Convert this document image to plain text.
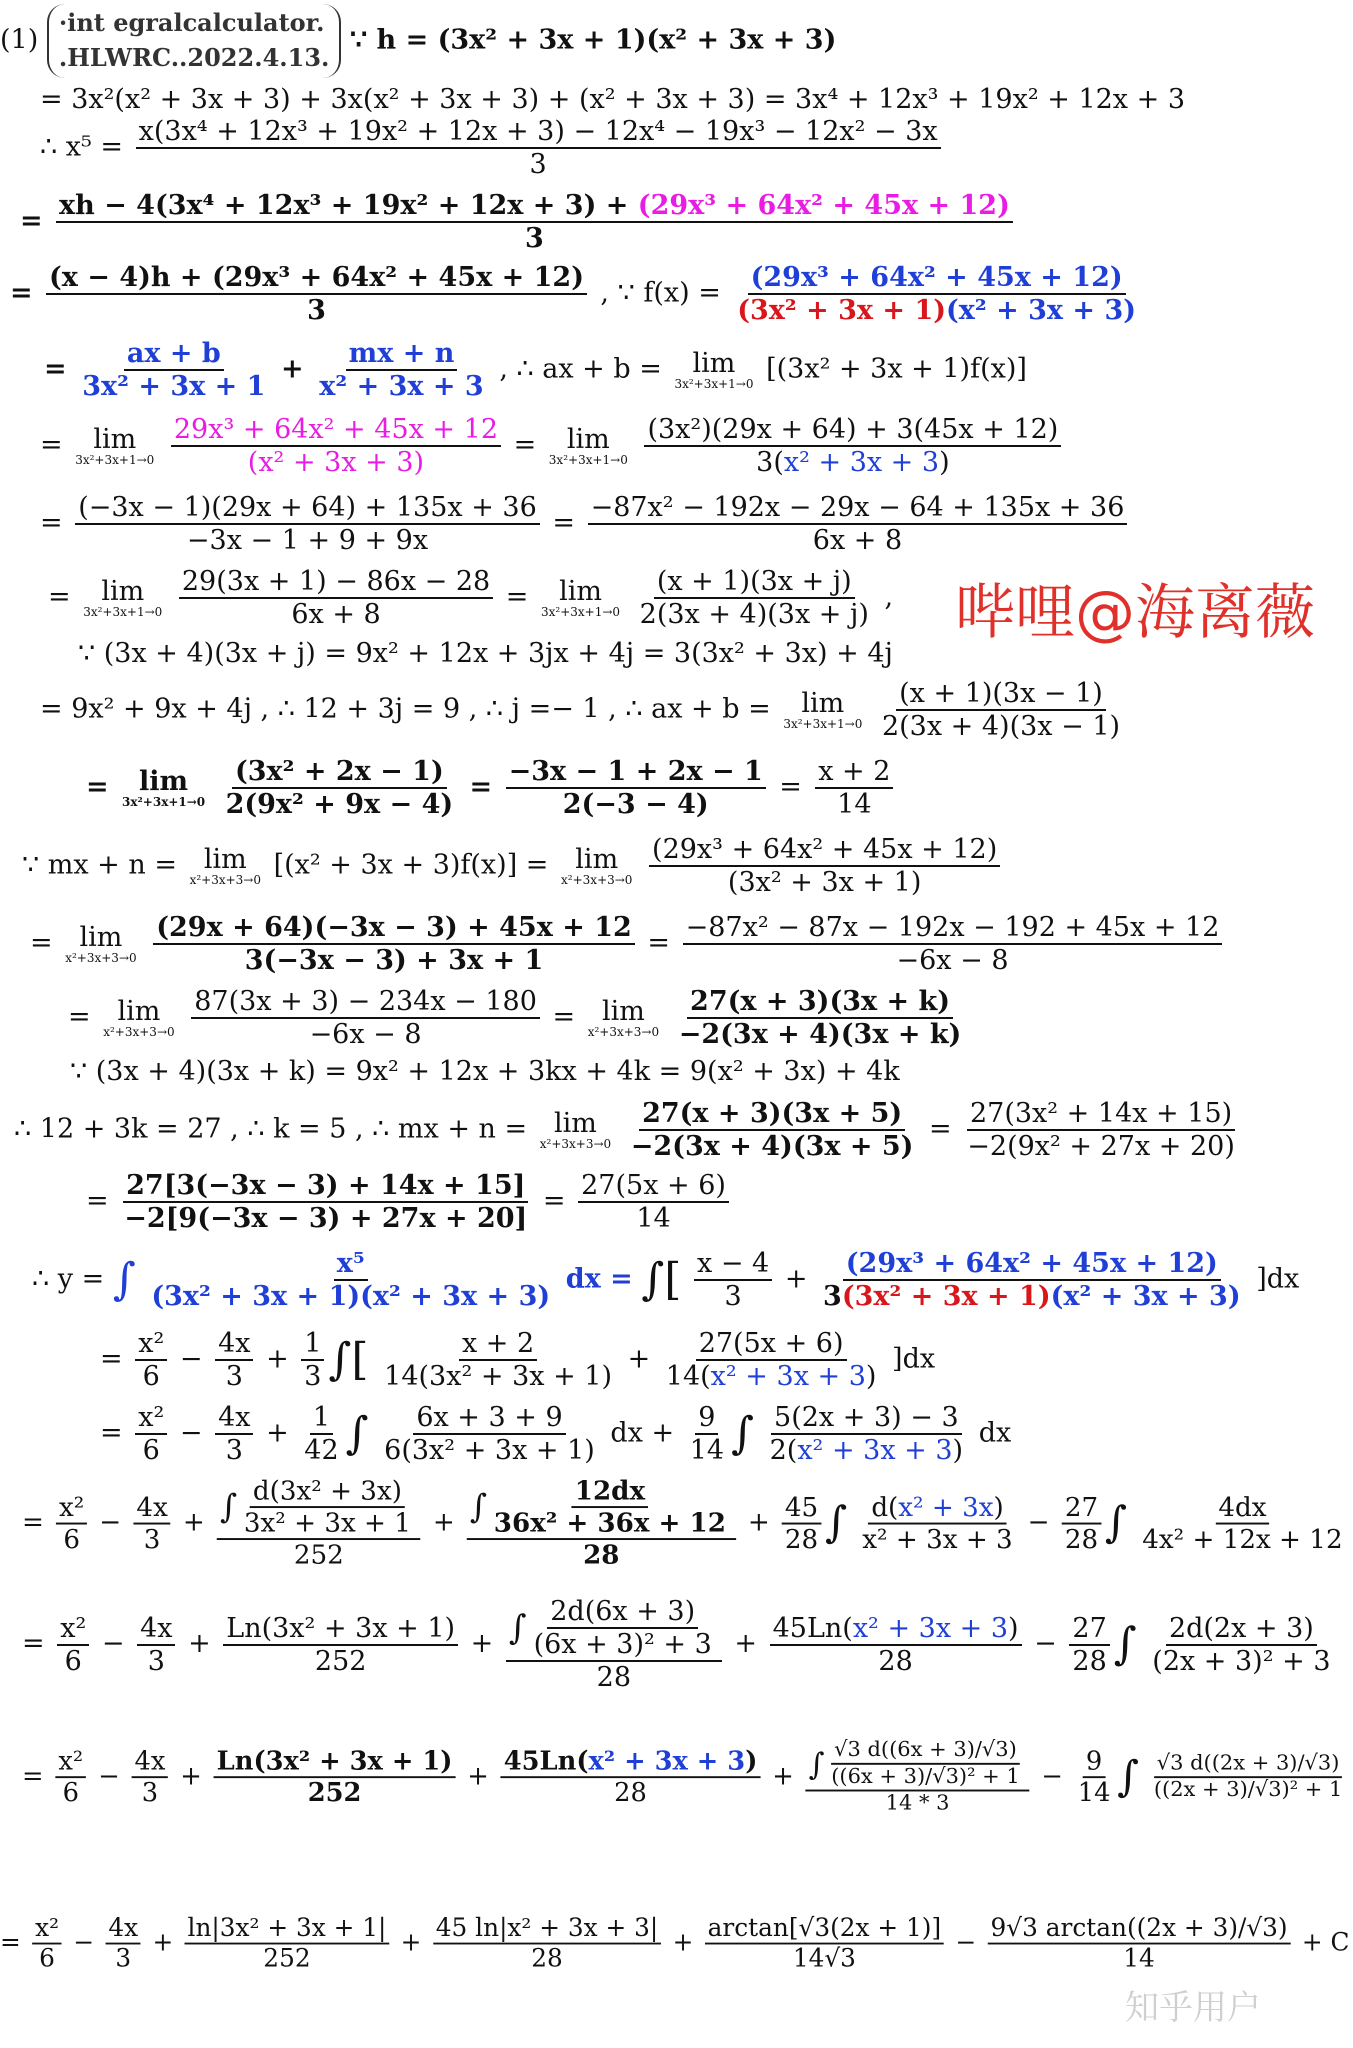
(1) ·int egralcalculator.
.HLWRC..2022.4.13. ∵ h = (3x² + 3x + 1)(x² + 3x + 3)
= 3x²(x² + 3x + 3) + 3x(x² + 3x + 3) + (x² + 3x + 3) = 3x⁴ + 12x³ + 19x² + 12x + 3
∴ $x^5 = \frac{\text{x(3x⁴ + 12x³ + 19x² + 12x + 3) − 12x⁴ − 19x³ − 12x² − 3x}}{3}$
= xh − 4(3x⁴ + 12x³ + 19x² + 12x + 3) + (29x³ + 64x² + 45x + 12)
3
= $\frac{\text{(x − 4)h + (29x³ + 64x² + 45x + 12)}}{3}$ , ∵ $f(x) = \frac{\text{(29x³ + 64x² + 45x + 12)}}{\text{(3x² + 3x + 1)(x² + 3x + 3)}}$
= $\frac{ax + b}{\text{3x² + 3x + 1}} + \frac{mx + n}{\text{x² + 3x + 3}}$ , ∴ ax + b = lim
3x²+3x+1→0 [(3x² + 3x + 1)f(x)]
= lim
3x²+3x+1→0
$\frac{\text{29x³ + 64x² + 45x + 12}}{\text{(x² + 3x + 3)}} = \lim$
3x²+3x+1→0
$\frac{\text{(3x²)(29x + 64) + 3(45x + 12)}}{\text{3(x² + 3x + 3)}}$
= $\frac{(-3x - 1)(29x + 64) + 135x + 36}{-3x - 1 + 9 + 9x} = \frac{\text{−87x² − 192x − 29x − 64 + 135x + 36}}{6x + 8}$
= lim
3x²+3x+1→0
$\frac{29(3x + 1) - 86x - 28}{6x + 8} = \lim$
3x²+3x+1→0
$\frac{(x + 1)(3x + j)}{2(3x + 4)(3x + j)}$ ,
∵ (3x + 4)(3x + j) = 9x² + 12x + 3jx + 4j = 3(3x² + 3x) + 4j
= 9x² + 9x + 4j , ∴ 12 + 3j = 9 , ∴ j =− 1 , ∴ ax + b = lim
3x²+3x+1→0
$\frac{(x + 1)(3x - 1)}{2(3x + 4)(3x - 1)}$
= lim
3x²+3x+1→0
$\frac{\text{(3x² + 2x − 1)}}{\text{2(9x² + 9x − 4)}} = \frac{-3x - 1 + 2x - 1}{2(-3 - 4)} = \frac{x + 2}{14}$
∵ mx + n = lim
x²+3x+3→0 [(x² + 3x + 3)f(x)] = lim
x²+3x+3→0
$\frac{\text{(29x³ + 64x² + 45x + 12)}}{\text{(3x² + 3x + 1)}}$
= lim
x²+3x+3→0
$\frac{(29x + 64)(-3x - 3) + 45x + 12}{3(-3x - 3) + 3x + 1} = \frac{\text{−87x² − 87x − 192x − 192 + 45x + 12}}{-6x - 8}$
= lim
x²+3x+3→0
$\frac{87(3x + 3) - 234x - 180}{-6x - 8} = \lim$
x²+3x+3→0
$\frac{27(x + 3)(3x + k)}{-2(3x + 4)(3x + k)}$
∵ (3x + 4)(3x + k) = 9x² + 12x + 3kx + 4k = 9(x² + 3x) + 4k
∴ 12 + 3k = 27 , ∴ k = 5 , ∴ mx + n = lim
x²+3x+3→0
$\frac{27(x + 3)(3x + 5)}{-2(3x + 4)(3x + 5)} = \frac{\text{27(3x² + 14x + 15)}}{\text{−2(9x² + 27x + 20)}}$
= $\frac{27[3(-3x - 3) + 14x + 15]}{-2[9(-3x - 3) + 27x + 20]} = \frac{27(5x + 6)}{14}$
∴ y = ∫ $\frac{\text{x⁵}}{\text{(3x² + 3x + 1)(x² + 3x + 3)}}$ dx = ∫[ $\frac{x - 4}{3} + \frac{\text{(29x³ + 64x² + 45x + 12)}}{\text{3(3x² + 3x + 1)(x² + 3x + 3)}} ]dx$
= $\frac{\text{x²}}{6} - \frac{4x}{3} + \frac{1}{3}$ ∫[ $\frac{x + 2}{\text{14(3x² + 3x + 1)}} + \frac{27(5x + 6)}{\text{14(x² + 3x + 3)}} ]dx$
= $\frac{\text{x²}}{6} - \frac{4x}{3} + \frac{1}{42}$ ∫ $\frac{6x + 3 + 9}{\text{6(3x² + 3x + 1)}}$ dx + $\frac{9}{14}$ ∫ $\frac{5(2x + 3) - 3}{\text{2(x² + 3x + 3)}}$ dx
= $\frac{\text{x²}}{6} - \frac{4x}{3} + \frac{\int \frac{\text{d(3x² + 3x)}}{\text{3x² + 3x + 1}}}{252} + \frac{\int \frac{12dx}{\text{36x² + 36x + 12}}}{28} + \frac{45}{28}$ ∫ $\frac{\text{d(x² + 3x)}}{\text{x² + 3x + 3}} - \frac{27}{28}$ ∫ $\frac{4dx}{\text{4x² + 12x + 12}}$
= $\frac{\text{x²}}{6} - \frac{4x}{3} + \frac{\text{Ln(3x² + 3x + 1)}}{252} + \frac{\int \frac{2d(6x + 3)}{\text{(6x + 3)² + 3}}}{28} + \frac{\text{45Ln(x² + 3x + 3)}}{28} - \frac{27}{28}$ ∫ $\frac{2d(2x + 3)}{\text{(2x + 3)² + 3}}$
= $\frac{\text{x²}}{6} - \frac{4x}{3} + \frac{\text{Ln(3x² + 3x + 1)}}{252} + \frac{\text{45Ln(x² + 3x + 3)}}{28} + \frac{\int \frac{√3 d((6x + 3)/√3)}{\text{((6x + 3)/√3)² + 1}}}{14 * 3} - \frac{9}{14}$ ∫ $\frac{√3 d((2x + 3)/√3)}{\text{((2x + 3)/√3)² + 1}}$
= $\frac{\text{x²}}{6} - \frac{4x}{3} + \frac{\text{ln|3x² + 3x + 1|}}{252} + \frac{\text{45 ln|x² + 3x + 3|}}{28} + \frac{\arctan[√3(2x + 1)]}{14√3} - \frac{9√3 \arctan((2x + 3)/√3)}{14} + C$
哔哩@海离薇
知乎用户
